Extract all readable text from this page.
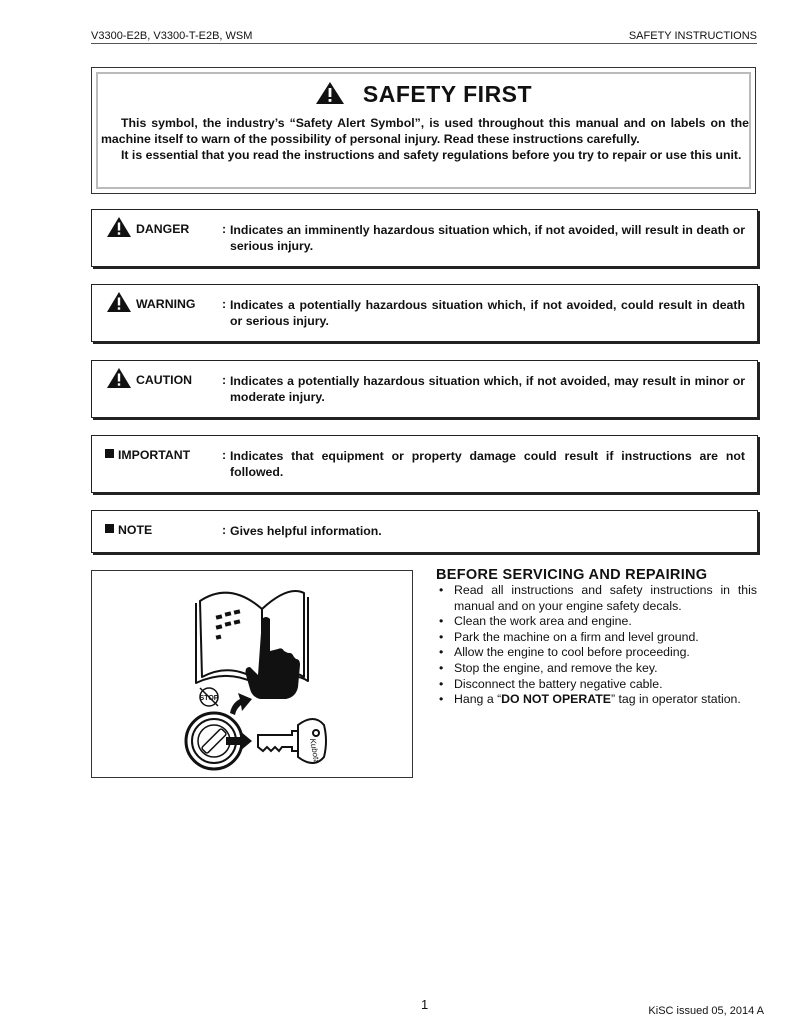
V3300-E2B, V3300-T-E2B, WSM	SAFETY INSTRUCTIONS
SAFETY FIRST

This symbol, the industry’s “Safety Alert Symbol”, is used throughout this manual and on labels on the machine itself to warn of the possibility of personal injury. Read these instructions carefully.

It is essential that you read the instructions and safety regulations before you try to repair or use this unit.

DANGER	: Indicates an imminently hazardous situation which, if not avoided, will result in death or serious injury.
WARNING : Indicates a potentially hazardous situation which, if not avoided, could result in death or serious injury.
CAUTION : Indicates a potentially hazardous situation which, if not avoided, may result in minor or moderate injury.
IMPORTANT	: Indicates that equipment or property damage could result if instructions are not followed.
NOTE	: Gives helpful information.
STOP
Kubota
BEFORE SERVICING AND REPAIRING
• Read all instructions and safety instructions in this manual and on your engine safety decals.
• Clean the work area and engine.
• Park the machine on a firm and level ground.
• Allow the engine to cool before proceeding.
• Stop the engine, and remove the key.
• Disconnect the battery negative cable.
• Hang a “DO NOT OPERATE” tag in operator station.
1	KiSC issued 05, 2014 A
